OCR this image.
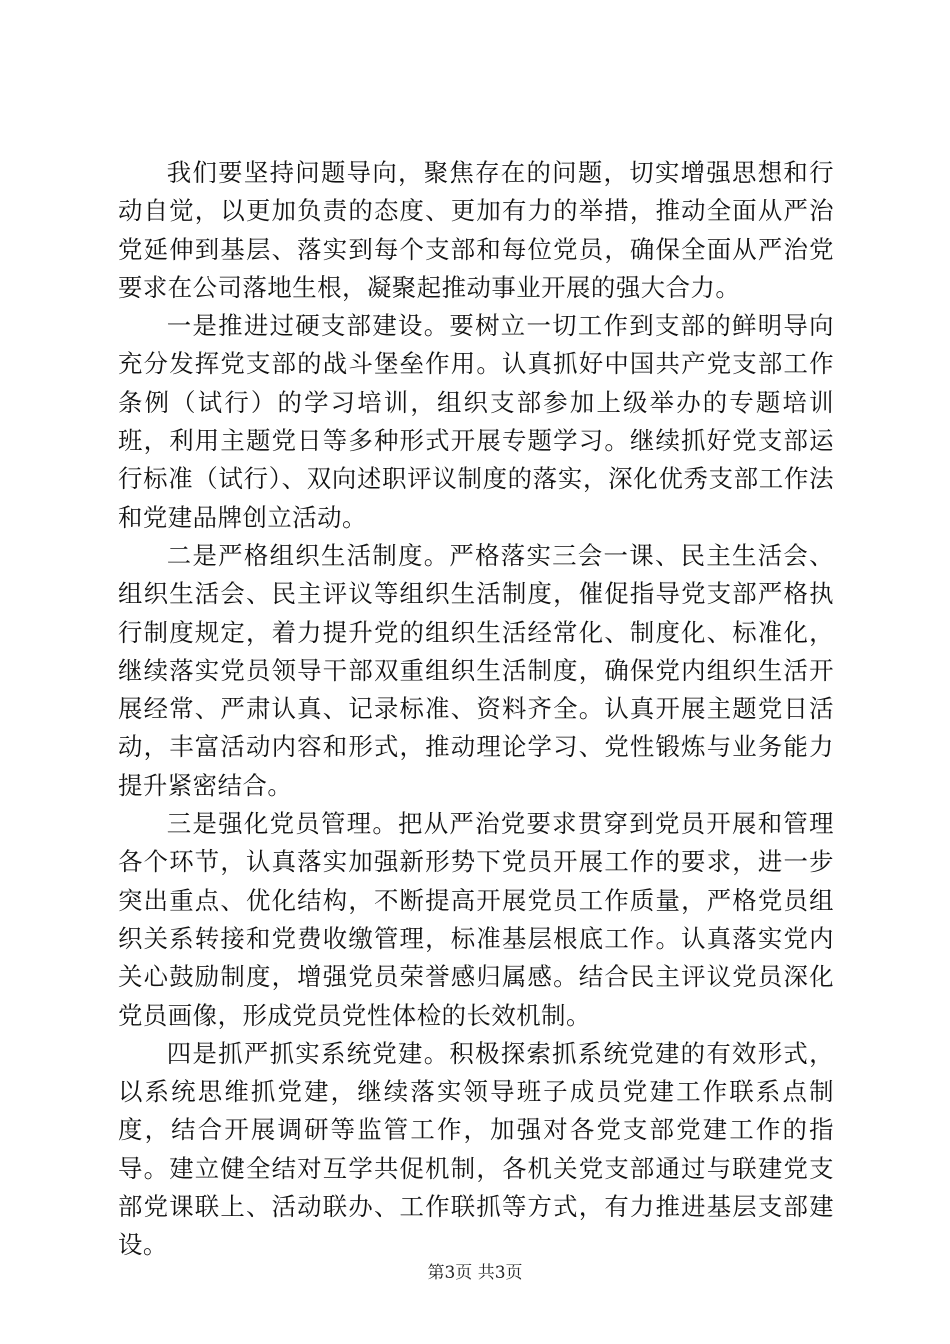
我们要坚持问题导向，聚焦存在的问题，切实增强思想和行动自觉，以更加负责的态度、更加有力的举措，推动全面从严治党延伸到基层、落实到每个支部和每位党员，确保全面从严治党要求在公司落地生根，凝聚起推动事业开展的强大合力。

一是推进过硬支部建设。要树立一切工作到支部的鲜明导向充分发挥党支部的战斗堡垒作用。认真抓好中国共产党支部工作条例（试行）的学习培训，组织支部参加上级举办的专题培训班，利用主题党日等多种形式开展专题学习。继续抓好党支部运行标准（试行）、双向述职评议制度的落实，深化优秀支部工作法和党建品牌创立活动。

二是严格组织生活制度。严格落实三会一课、民主生活会、组织生活会、民主评议等组织生活制度，催促指导党支部严格执行制度规定，着力提升党的组织生活经常化、制度化、标准化，继续落实党员领导干部双重组织生活制度，确保党内组织生活开展经常、严肃认真、记录标准、资料齐全。认真开展主题党日活动，丰富活动内容和形式，推动理论学习、党性锻炼与业务能力提升紧密结合。

三是强化党员管理。把从严治党要求贯穿到党员开展和管理各个环节，认真落实加强新形势下党员开展工作的要求，进一步突出重点、优化结构，不断提高开展党员工作质量，严格党员组织关系转接和党费收缴管理，标准基层根底工作。认真落实党内关心鼓励制度，增强党员荣誉感归属感。结合民主评议党员深化党员画像，形成党员党性体检的长效机制。

四是抓严抓实系统党建。积极探索抓系统党建的有效形式，以系统思维抓党建，继续落实领导班子成员党建工作联系点制度，结合开展调研等监管工作，加强对各党支部党建工作的指导。建立健全结对互学共促机制，各机关党支部通过与联建党支部党课联上、活动联办、工作联抓等方式，有力推进基层支部建设。

第3页 共3页
